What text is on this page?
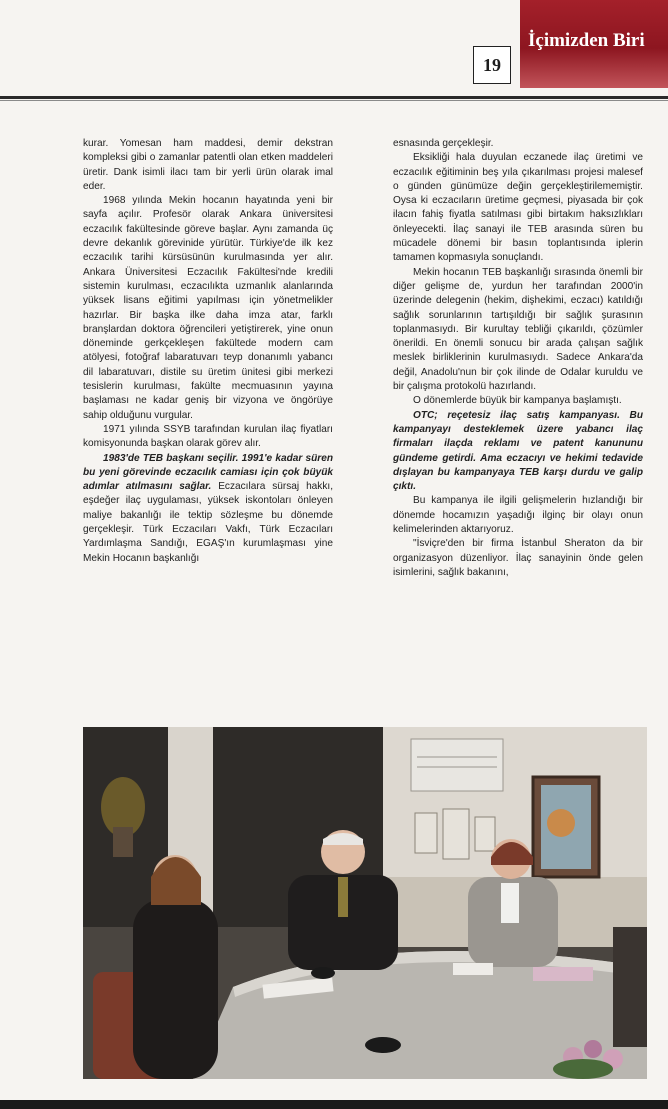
İçimizden Biri
19

kurar. Yomesan ham maddesi, demir dekstran kompleksi gibi o zamanlar patentli olan etken maddeleri üretir. Dank isimli ilacı tam bir yerli ürün olarak imal eder.

1968 yılında Mekin hocanın hayatında yeni bir sayfa açılır. Profesör olarak Ankara üniversitesi eczacılık fakültesinde göreve başlar. Aynı zamanda üç devre dekanlık görevinide yürütür. Türkiye'de ilk kez eczacılık tarihi kürsüsünün kurulmasında yer alır. Ankara Üniversitesi Eczacılık Fakültesi'nde kredili sistemin kurulması, eczacılıkta uzmanlık alanlarında yüksek lisans eğitimi yapılması için yönetmelikler hazırlar. Bir başka ilke daha imza atar, farklı branşlardan doktora öğrencileri yetiştirerek, yine onun döneminde gerkçekleşen fakültede modern cam atölyesi, fotoğraf labaratuvarı teyp donanımlı yabancı dil labaratuvarı, distile su üretim ünitesi gibi merkezi tesislerin kurulması, fakülte mecmuasının yayına başlaması ne kadar geniş bir vizyona ve öngörüye sahip olduğunu vurgular.

1971 yılında SSYB tarafından kurulan ilaç fiyatları komisyonunda başkan olarak görev alır.

1983'de TEB başkanı seçilir. 1991'e kadar süren bu yeni görevinde eczacılık camiası için çok büyük adımlar atılmasını sağlar. Eczacılara sürsaj hakkı, eşdeğer ilaç uygulaması, yüksek iskontoları önleyen maliye bakanlığı ile tektip sözleşme bu dönemde gerçekleşir. Türk Eczacıları Vakfı, Türk Eczacıları Yardımlaşma Sandığı, EGAŞ'ın kurumlaşması yine Mekin Hocanın başkanlığı

esnasında gerçekleşir.

Eksikliği hala duyulan eczanede ilaç üretimi ve eczacılık eğitiminin beş yıla çıkarılması projesi malesef o günden günümüze değin gerçekleştirilememiştir. Oysa ki eczacıların üretime geçmesi, piyasada bir çok ilacın fahiş fiyatla satılması gibi birtakım haksızlıkları önleyecekti. İlaç sanayi ile TEB arasında süren bu mücadele dönemi bir basın toplantısında iplerin tamamen kopmasıyla sonuçlandı.

Mekin hocanın TEB başkanlığı sırasında önemli bir diğer gelişme de, yurdun her tarafından 2000'in üzerinde delegenin (hekim, dişhekimi, eczacı) katıldığı sağlık sorunlarının tartışıldığı bir sağlık şurasının toplanmasıydı. Bir kurultay tebliği çıkarıldı, çözümler önerildi. En önemli sonucu bir arada çalışan sağlık meslek birliklerinin kurulmasıydı. Sadece Ankara'da değil, Anadolu'nun bir çok ilinde de Odalar kuruldu ve bir çalışma protokolü hazırlandı.

O dönemlerde büyük bir kampanya başlamıştı.

OTC; reçetesiz ilaç satış kampanyası. Bu kampanyayı desteklemek üzere yabancı ilaç firmaları ilaçda reklamı ve patent kanununu gündeme getirdi. Ama eczacıyı ve hekimi tedavide dışlayan bu kampanyaya TEB karşı durdu ve galip çıktı.

Bu kampanya ile ilgili gelişmelerin hızlandığı bir dönemde hocamızın yaşadığı ilginç bir olayı onun kelimelerinden aktarıyoruz.

"İsviçre'den bir firma İstanbul Sheraton da bir organizasyon düzenliyor. İlaç sanayinin önde gelen isimlerini, sağlık bakanını,
